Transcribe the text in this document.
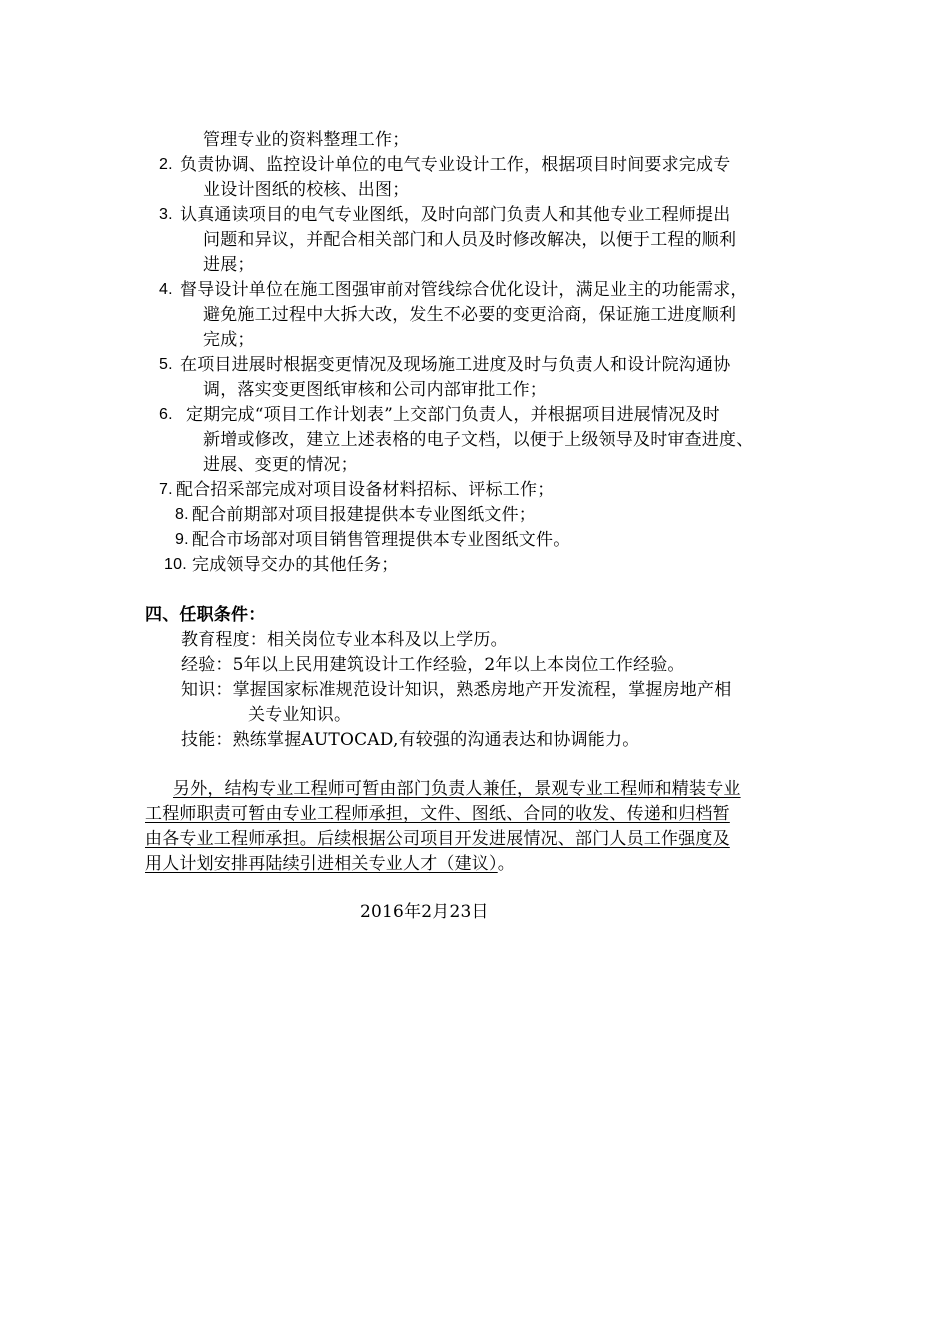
管理专业的资料整理工作；
2. 负责协调、监控设计单位的电气专业设计工作，根据项目时间要求完成专
业设计图纸的校核、出图；
3. 认真通读项目的电气专业图纸，及时向部门负责人和其他专业工程师提出
问题和异议，并配合相关部门和人员及时修改解决，以便于工程的顺利
进展；
4. 督导设计单位在施工图强审前对管线综合优化设计，满足业主的功能需求，
避免施工过程中大拆大改，发生不必要的变更洽商，保证施工进度顺利
完成；
5. 在项目进展时根据变更情况及现场施工进度及时与负责人和设计院沟通协
调，落实变更图纸审核和公司内部审批工作；
6. 定期完成“项目工作计划表”上交部门负责人，并根据项目进展情况及时
新增或修改，建立上述表格的电子文档，以便于上级领导及时审查进度、
进展、变更的情况；
7. 配合招采部完成对项目设备材料招标、评标工作；
8. 配合前期部对项目报建提供本专业图纸文件；
9. 配合市场部对项目销售管理提供本专业图纸文件。
10. 完成领导交办的其他任务；
四、任职条件：
教育程度：相关岗位专业本科及以上学历。
经验：5年以上民用建筑设计工作经验，2年以上本岗位工作经验。
知识：掌握国家标准规范设计知识，熟悉房地产开发流程，掌握房地产相
关专业知识。
技能：熟练掌握AUTOCAD,有较强的沟通表达和协调能力。
另外，结构专业工程师可暂由部门负责人兼任，景观专业工程师和精装专业
工程师职责可暂由专业工程师承担，文件、图纸、合同的收发、传递和归档暂
由各专业工程师承担。后续根据公司项目开发进展情况、部门人员工作强度及
用人计划安排再陆续引进相关专业人才（建议）。
2016年2月23日
